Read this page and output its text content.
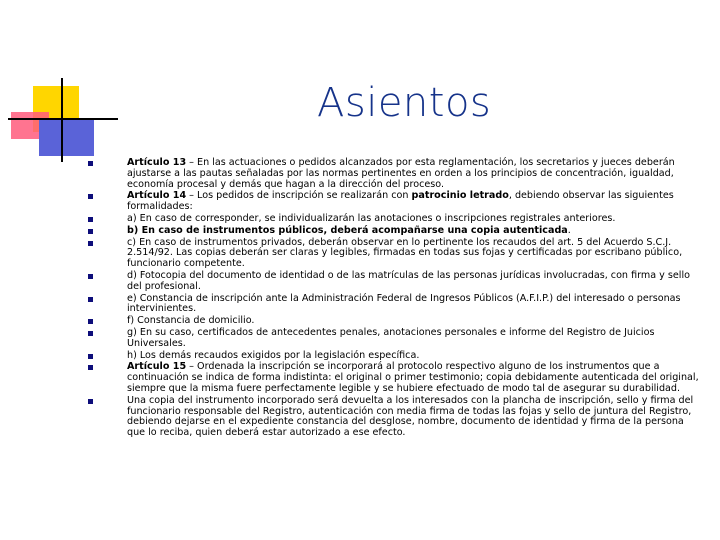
Asientos
Artículo 13 – En las actuaciones o pedidos alcanzados por esta reglamentación, los secretarios y jueces deberán ajustarse a las pautas señaladas por las normas pertinentes en orden a los principios de concentración, igualdad, economía procesal y demás que hagan a la dirección del proceso.
Artículo 14 – Los pedidos de inscripción se realizarán con patrocinio letrado, debiendo observar las siguientes formalidades:
a) En caso de corresponder, se individualizarán las anotaciones o inscripciones registrales anteriores.
b) En caso de instrumentos públicos, deberá acompañarse una copia autenticada.
c) En caso de instrumentos privados, deberán observar en lo pertinente los recaudos del art. 5 del Acuerdo S.C.J. 2.514/92. Las copias deberán ser claras y legibles, firmadas en todas sus fojas y certificadas por escribano público, funcionario competente.
d) Fotocopia del documento de identidad o de las matrículas de las personas jurídicas involucradas, con firma y sello del profesional.
e) Constancia de inscripción ante la Administración Federal de Ingresos Públicos (A.F.I.P.) del interesado o personas intervinientes.
f) Constancia de domicilio.
g) En su caso, certificados de antecedentes penales, anotaciones personales e informe del Registro de Juicios Universales.
h) Los demás recaudos exigidos por la legislación específica.
Artículo 15 – Ordenada la inscripción se incorporará al protocolo respectivo alguno de los instrumentos que a continuación se indica de forma indistinta: el original o primer testimonio; copia debidamente autenticada del original, siempre que la misma fuere perfectamente legible y se hubiere efectuado de modo tal de asegurar su durabilidad.
Una copia del instrumento incorporado será devuelta a los interesados con la plancha de inscripción, sello y firma del funcionario responsable del Registro, autenticación con media firma de todas las fojas y sello de juntura del Registro, debiendo dejarse en el expediente constancia del desglose, nombre, documento de identidad y firma de la persona que lo reciba, quien deberá estar autorizado a ese efecto.
